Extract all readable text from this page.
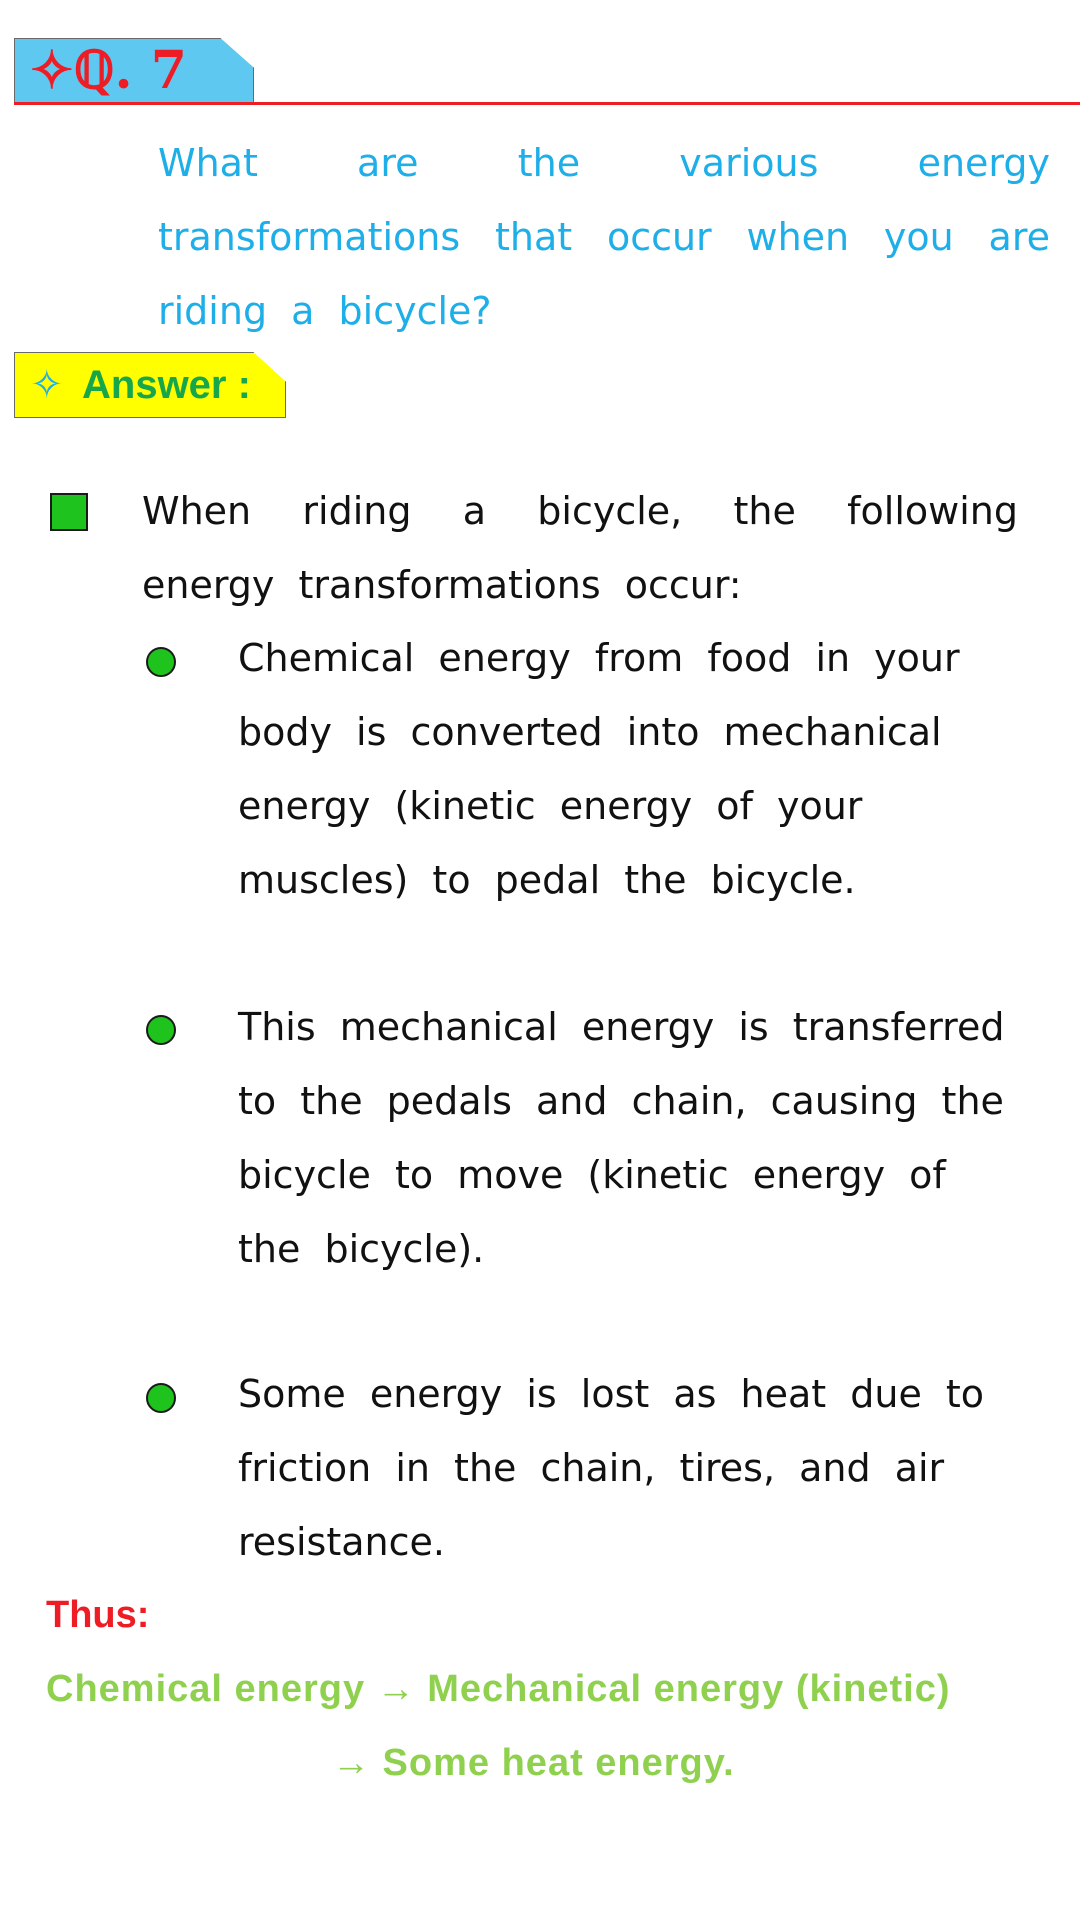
✧ℚ. 7
What are the various energy transformations that occur when you are riding a bicycle?
✧ Answer :
When riding a bicycle, the following energy transformations occur:
Chemical energy from food in your body is converted into mechanical energy (kinetic energy of your muscles) to pedal the bicycle.
This mechanical energy is transferred to the pedals and chain, causing the bicycle to move (kinetic energy of the bicycle).
Some energy is lost as heat due to friction in the chain, tires, and air resistance.
Thus:
Chemical energy → Mechanical energy (kinetic)
→ Some heat energy.
